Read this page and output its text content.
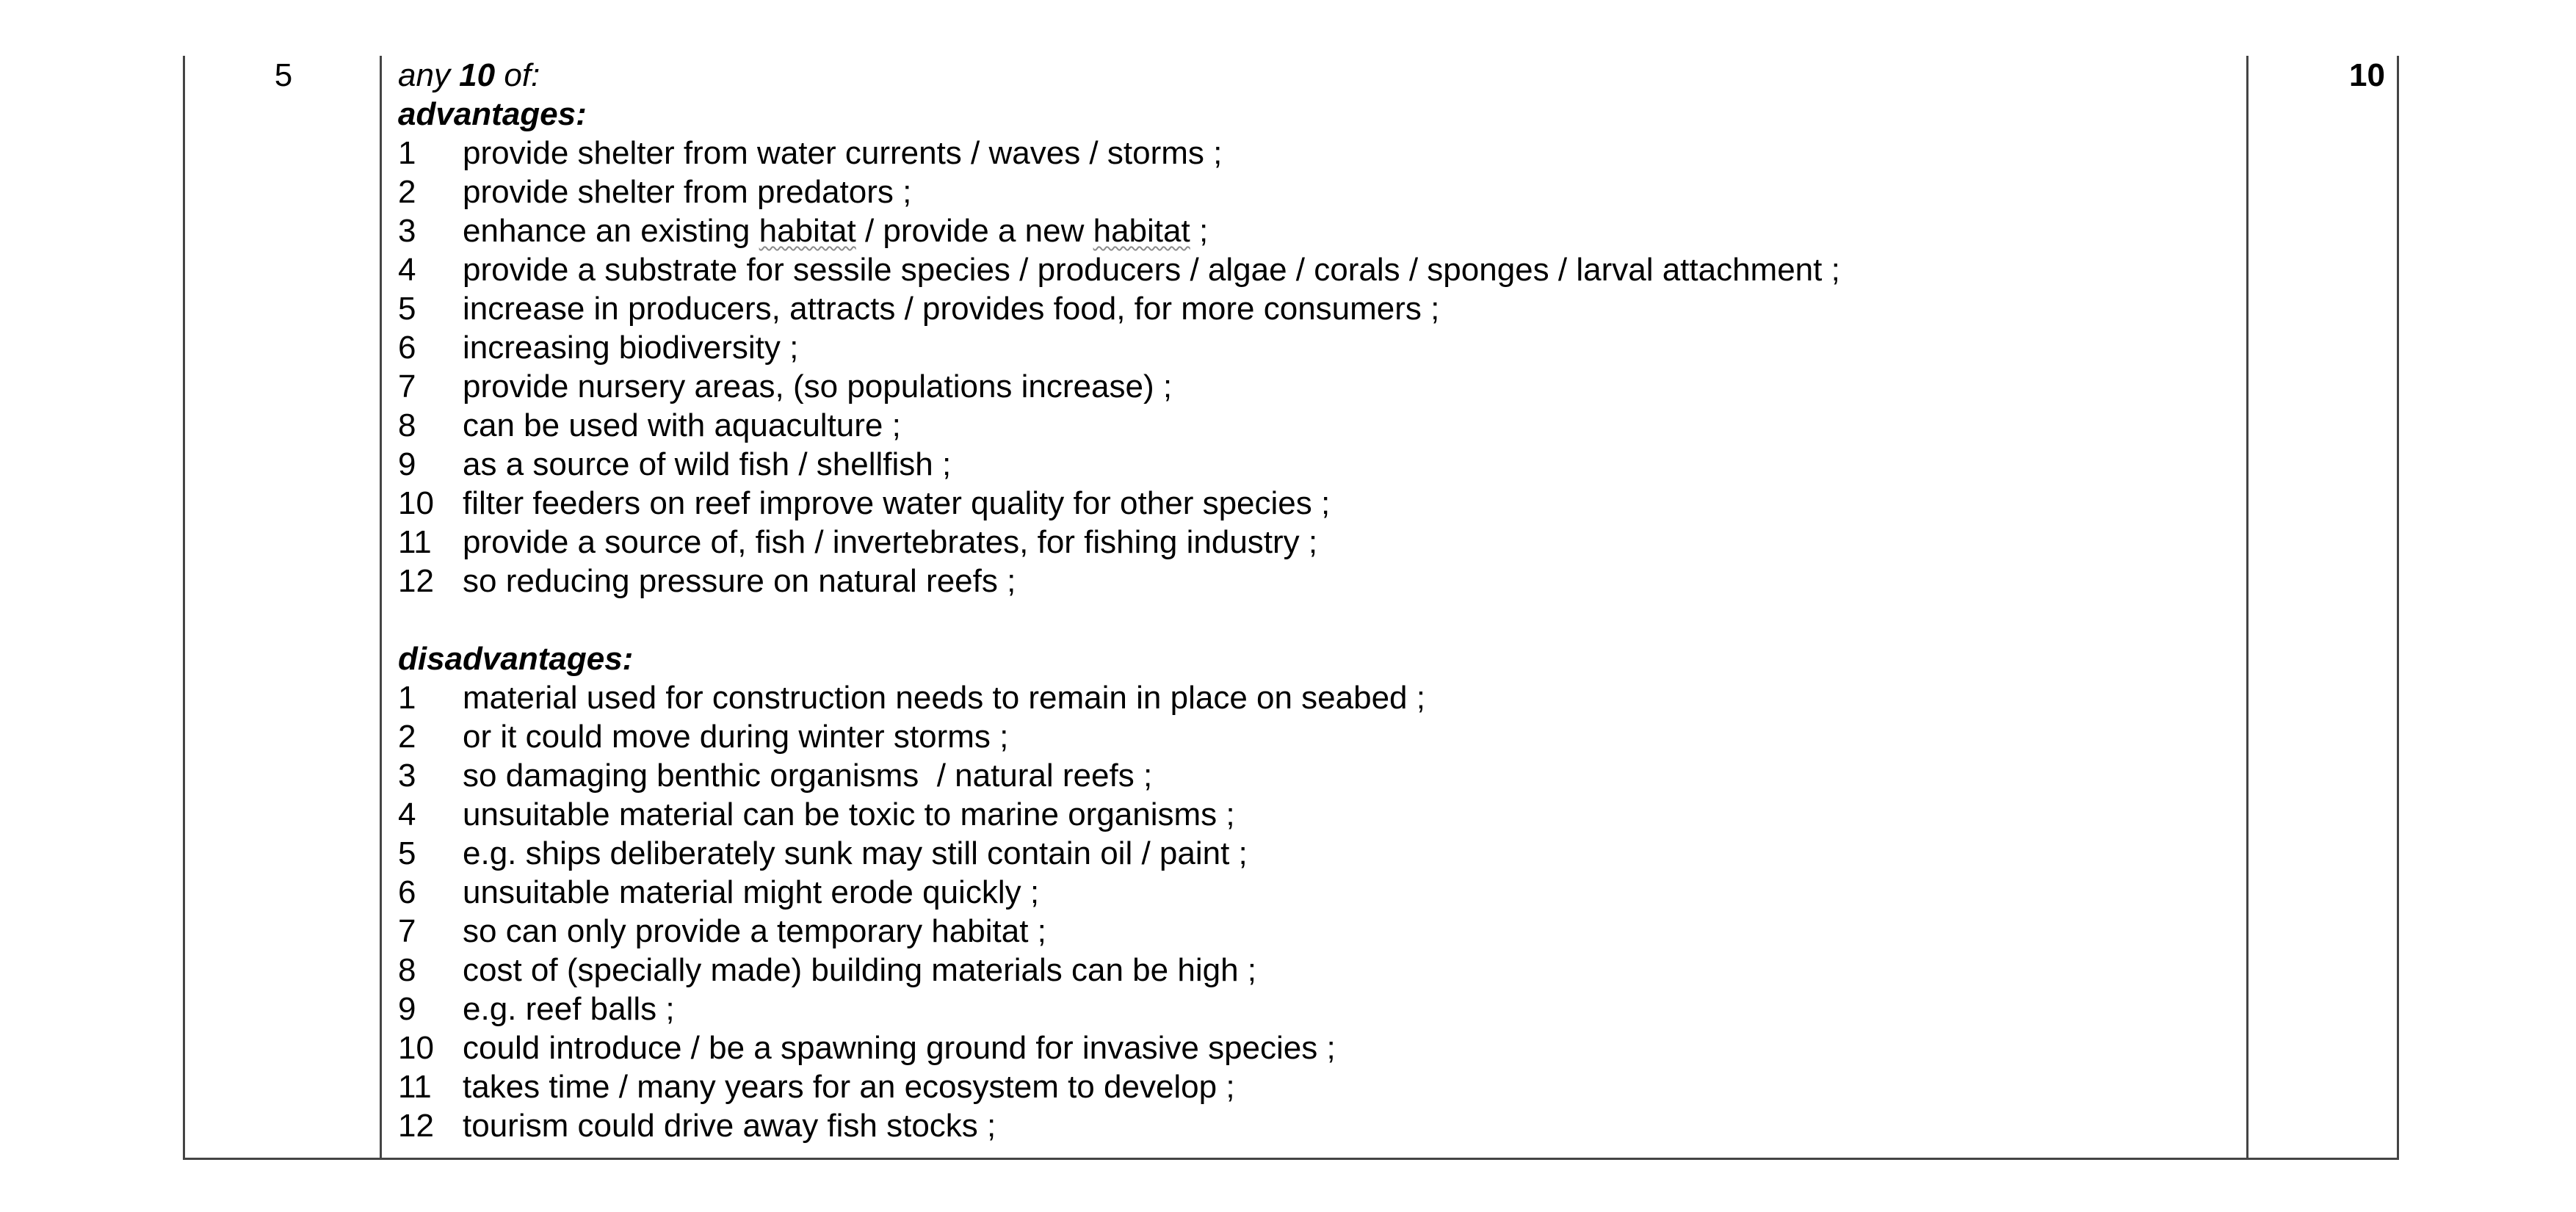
5	any 10 of:
advantages:
1	provide shelter from water currents / waves / storms ;
2	provide shelter from predators ;
3	enhance an existing habitat / provide a new habitat ;
4	provide a substrate for sessile species / producers / algae / corals / sponges / larval attachment ;
5	increase in producers, attracts / provides food, for more consumers ;
6	increasing biodiversity ;
7	provide nursery areas, (so populations increase) ;
8	can be used with aquaculture ;
9	as a source of wild fish / shellfish ;
10 filter feeders on reef improve water quality for other species ;
11 provide a source of, fish / invertebrates, for fishing industry ;
12 so reducing pressure on natural reefs ;
disadvantages:
1	material used for construction needs to remain in place on seabed ;
2	or it could move during winter storms ;
3	so damaging benthic organisms  / natural reefs ;
4	unsuitable material can be toxic to marine organisms ;
5	e.g. ships deliberately sunk may still contain oil / paint ;
6	unsuitable material might erode quickly ;
7	so can only provide a temporary habitat ;
8	cost of (specially made) building materials can be high ;
9	e.g. reef balls ;
10 could introduce / be a spawning ground for invasive species ;
11 takes time / many years for an ecosystem to develop ;
12 tourism could drive away fish stocks ;
10
